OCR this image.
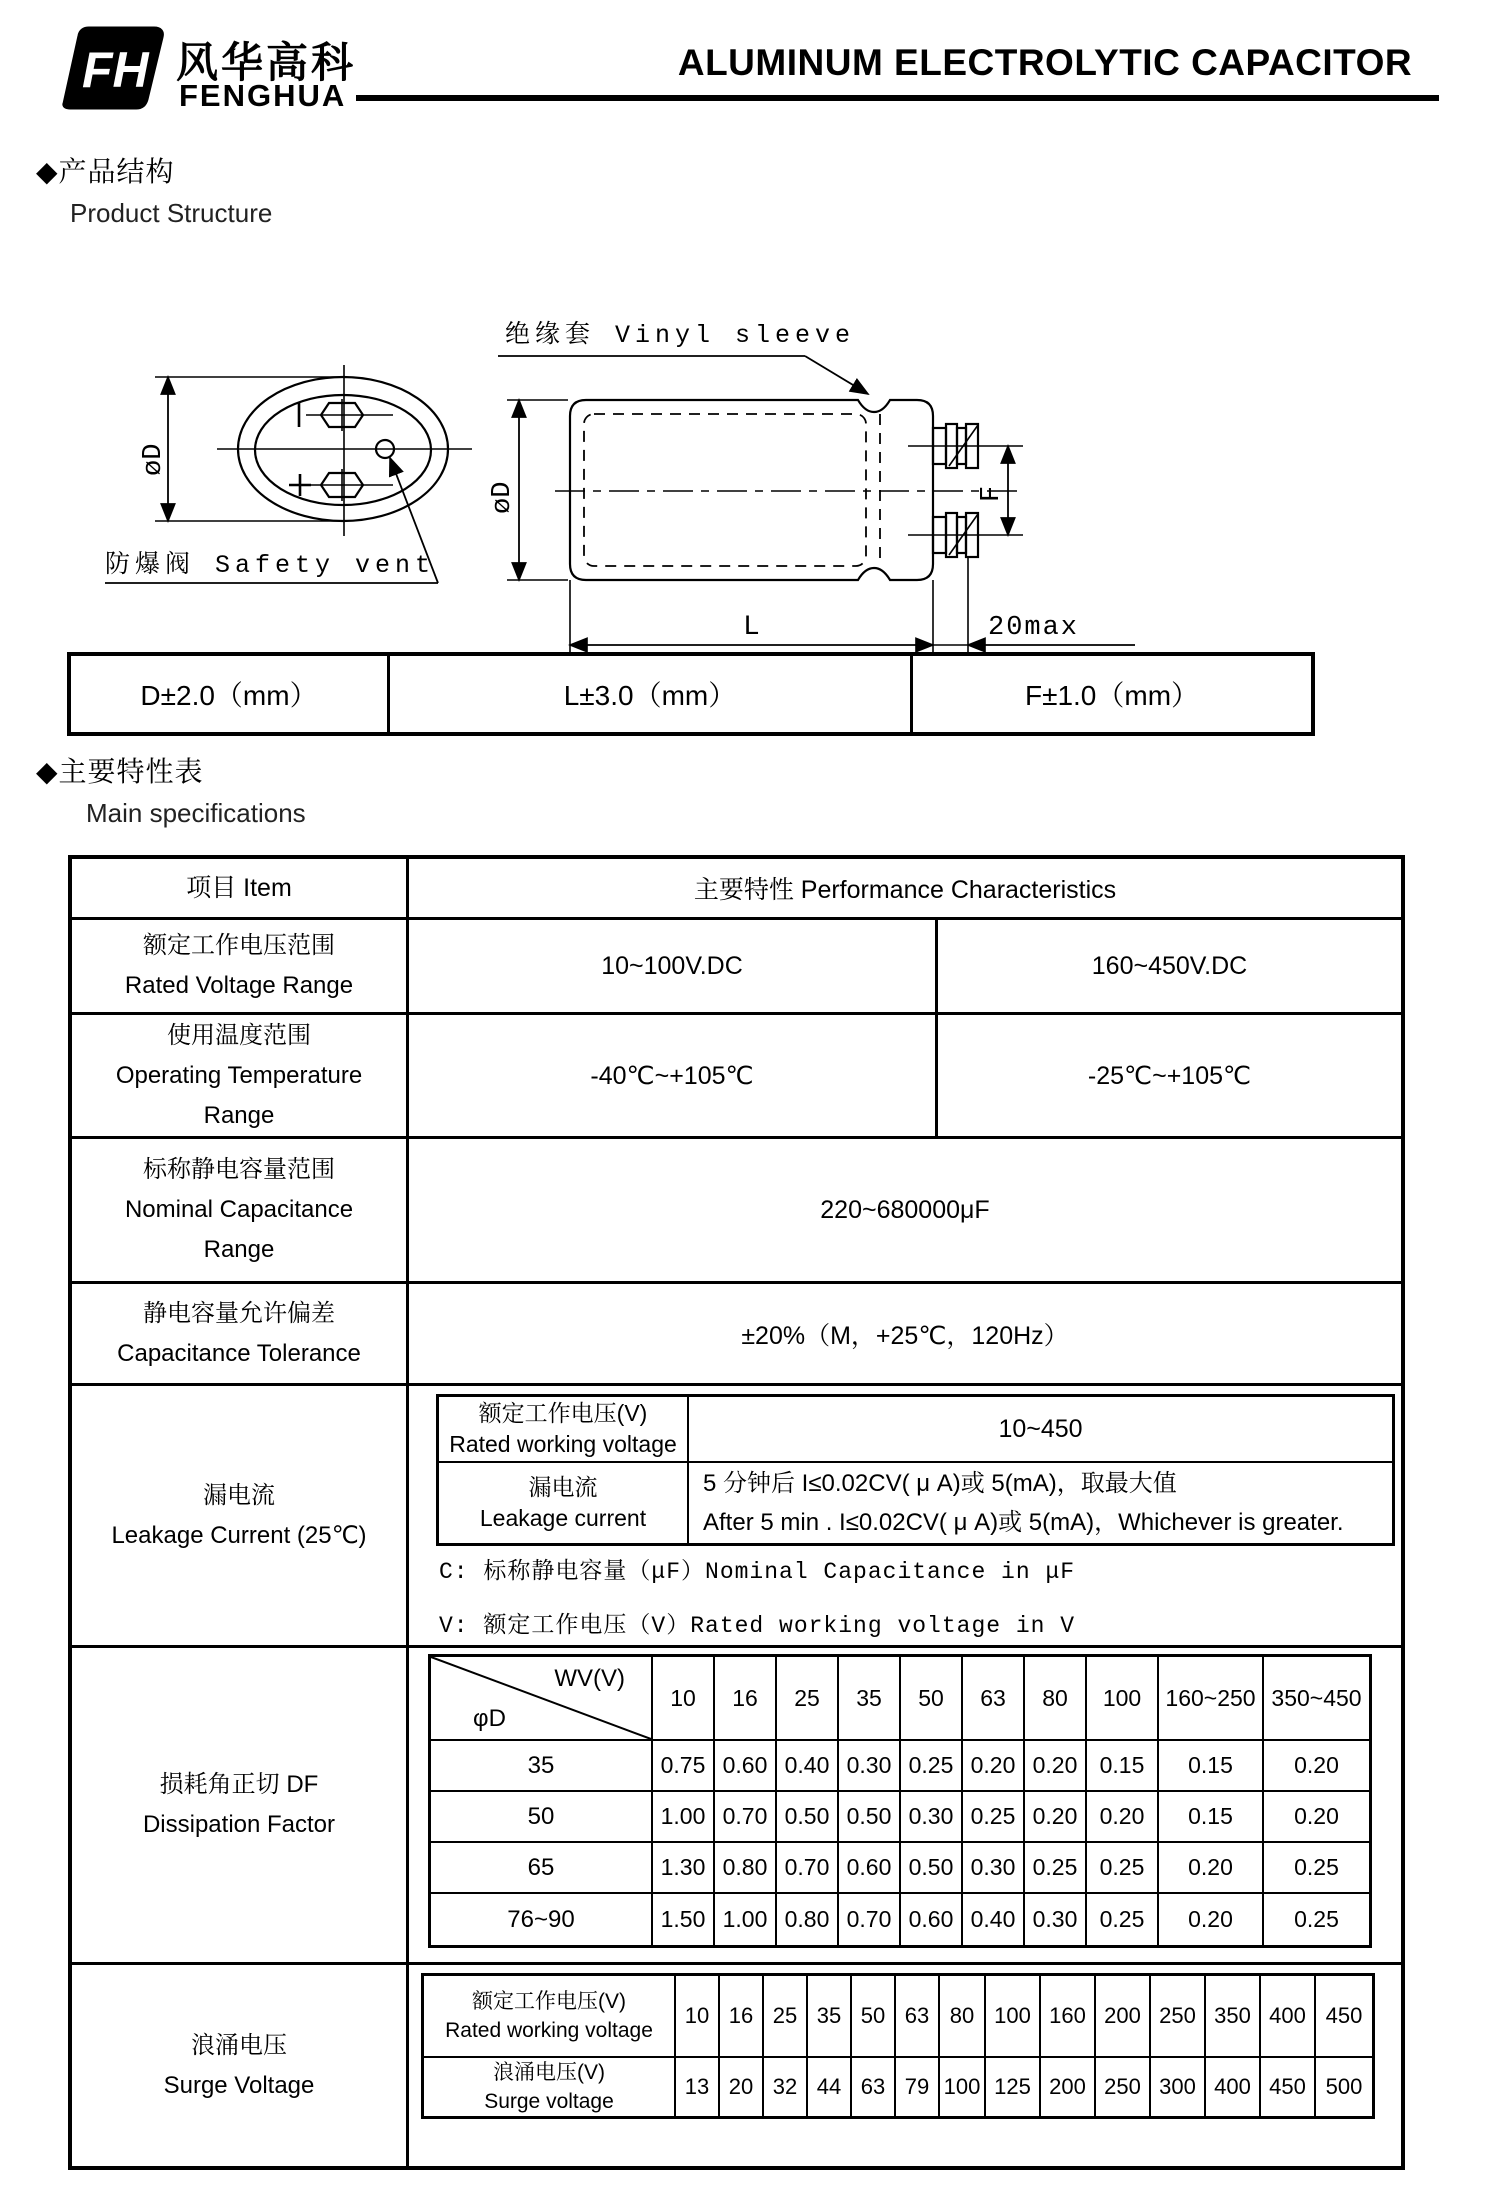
FH
®
风华高科
FENGHUA
ALUMINUM ELECTROLYTIC CAPACITOR
◆产品结构
Product Structure
绝缘套 Vinyl sleeve
防爆阀 Safety vent
øD
øD	F
L	20max
D±2.0（mm）	L±3.0（mm）	F±1.0（mm）
◆主要特性表
Main specifications
项目 Item	主要特性 Performance Characteristics
额定工作电压范围
Rated Voltage Range
10~100V.DC	160~450V.DC
使用温度范围
Operating Temperature
Range
-40℃~+105℃	-25℃~+105℃
标称静电容量范围
Nominal Capacitance
Range
220~680000μF
静电容量允许偏差
Capacitance Tolerance
±20%（M，+25℃，120Hz）
漏电流
Leakage Current (25℃)
额定工作电压(V)
Rated working voltage
10~450
漏电流
Leakage current
5 分钟后 I≤0.02CV( μ A)或 5(mA)，取最大值
After 5 min . I≤0.02CV( μ A)或 5(mA)，Whichever is greater.
C: 标称静电容量（μF）Nominal Capacitance in μF
V: 额定工作电压（V）Rated working voltage in V
损耗角正切 DF
Dissipation Factor
WV(V)
φD
10	16	25	35	50	63	80	100	160~250 350~450
35	0.75 0.60 0.40 0.30 0.25 0.20 0.20 0.15	0.15	0.20
50	1.00 0.70 0.50 0.50 0.30 0.25 0.20 0.20	0.15	0.20
65	1.30 0.80 0.70 0.60 0.50 0.30 0.25 0.25	0.20	0.25
76~90	1.50 1.00 0.80 0.70 0.60 0.40 0.30 0.25	0.20	0.25
浪涌电压
Surge Voltage
额定工作电压(V)
Rated working voltage
10 16 25 35 50 63 80 100 160 200 250 350 400 450
浪涌电压(V)
Surge voltage
13 20 32 44 63 79 100 125 200 250 300 400 450 500
